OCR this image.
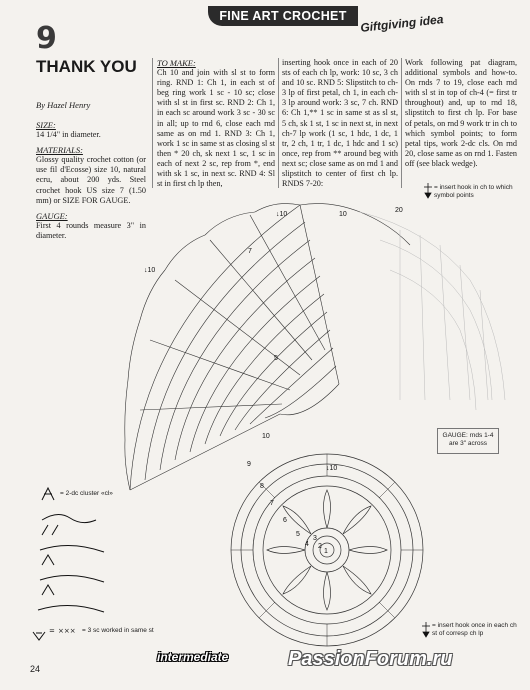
9
FINE ART CROCHET	Giftgiving idea
THANK YOU
By Hazel Henry

SIZE:
14 1/4" in diameter.

MATERIALS:
Glossy quality crochet cotton (or use fil d'Ecosse) size 10, natural ecru, about 200 yds. Steel crochet hook US size 7 (1.50 mm) or SIZE FOR GAUGE.

GAUGE:
First 4 rounds measure 3" in diameter.

TO MAKE:
Ch 10 and join with sl st to form ring. RND 1: Ch 1, in each st of beg ring work 1 sc - 10 sc; close with sl st in first sc. RND 2: Ch 1, in each sc around work 3 sc - 30 sc in all; up to rnd 6, close each rnd same as on rnd 1. RND 3: Ch 1, work 1 sc in same st as closing sl st then * 20 ch, sk next 1 sc, 1 sc in each of next 2 sc, rep from *, end with sk 1 sc, in next sc. RND 4: Sl st in first ch lp then,
inserting hook once in each of 20 sts of each ch lp, work: 10 sc, 3 ch and 10 sc. RND 5: Slipstitch to ch-3 lp of first petal, ch 1, in each ch-3 lp around work: 3 sc, 7 ch. RND 6: Ch 1,** 1 sc in same st as sl st, 5 ch, sk 1 st, 1 sc in next st, in next ch-7 lp work (1 sc, 1 hdc, 1 dc, 1 tr, 2 ch, 1 tr, 1 dc, 1 hdc and 1 sc) once, rep from ** around beg with next sc; close same as on rnd 1 and slipstitch to center of first ch lp. RNDS 7-20:
Work following pat diagram, additional symbols and how-to. On rnds 7 to 19, close each rnd with sl st in top of ch-4 (= first tr throughout) and, up to rnd 18, slipstitch to first ch lp. For base of petals, on rnd 9 work tr in ch to which symbol points; to form petal tips, work 2-dc cls. On rnd 20, close same as on rnd 1. Fasten off (see black wedge).
↓10	10
↓10
20
7
5
↓10
10
9
8
7
6
5
4
3
2
1
= ×××
= insert hook in ch to which symbol points
GAUGE: rnds 1-4 are 3" across
= insert hook once in each ch st of corresp ch lp
= 2-dc cluster «cl»
= 3 sc worked in same st
24
intermediate	PassionForum.ru
